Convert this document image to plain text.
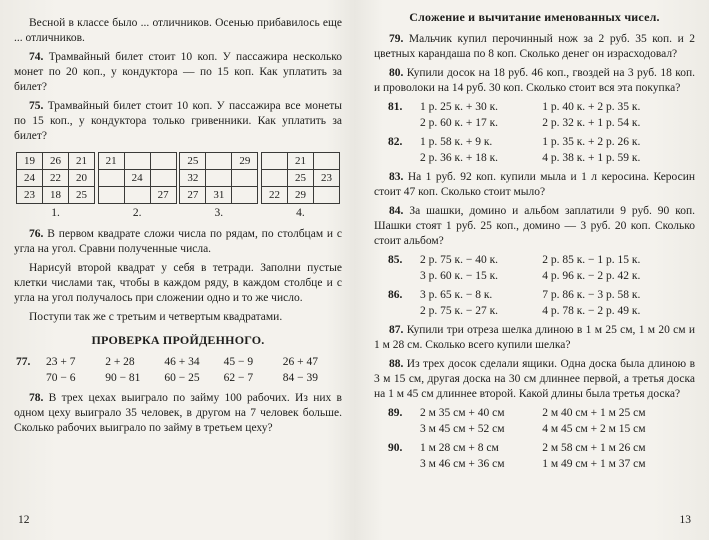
Весной в классе было ... отличников. Осенью прибавилось еще ... отличников.

74. Трамвайный билет стоит 10 коп. У пассажира несколько монет по 20 коп., у кондуктора — по 15 коп. Как уплатить за билет?

75. Трамвайный билет стоит 10 коп. У пассажира все монеты по 15 коп., у кондуктора только гривенники. Как уплатить за билет?

19	26	21
24	22	20
23	18	25
1.
21		
	24	
		27
2.
25		29
32		
27	31	
3.
	21	
	25	23
22	29	
4.

76. В первом квадрате сложи числа по рядам, по столбцам и с угла на угол. Сравни полученные числа.

Нарисуй второй квадрат у себя в тетради. Заполни пустые клетки числами так, чтобы в каждом ряду, в каждом столбце и с угла на угол получалось при сложении одно и то же число.

Поступи так же с третьим и четвертым квадратами.

ПРОВЕРКА ПРОЙДЕННОГО.
77.	23 + 7	2 + 28	46 + 34	45 − 9	26 + 47
70 − 6	90 − 81	60 − 25	62 − 7	84 − 39

78. В трех цехах выиграло по займу 100 рабочих. Из них в одном цеху выиграло 35 человек, в другом на 7 человек больше. Сколько рабочих выиграло по займу в третьем цеху?

Сложение и вычитание именованных чисел.

79. Мальчик купил перочинный нож за 2 руб. 35 коп. и 2 цветных карандаша по 8 коп. Сколько денег он израсходовал?

80. Купили досок на 18 руб. 46 коп., гвоздей на 3 руб. 18 коп. и проволоки на 14 руб. 30 коп. Сколько стоит вся эта покупка?

81.	1 р. 25 к. + 30 к.	1 р. 40 к. + 2 р. 35 к.
2 р. 60 к. + 17 к.	2 р. 32 к. + 1 р. 54 к.
82.	1 р. 58 к. + 9 к.	1 р. 35 к. + 2 р. 26 к.
2 р. 36 к. + 18 к.	4 р. 38 к. + 1 р. 59 к.

83. На 1 руб. 92 коп. купили мыла и 1 л керосина. Керосин стоит 47 коп. Сколько стоит мыло?

84. За шашки, домино и альбом заплатили 9 руб. 90 коп. Шашки стоят 1 руб. 25 коп., домино — 3 руб. 20 коп. Сколько стоит альбом?

85.	2 р. 75 к. − 40 к.	2 р. 85 к. − 1 р. 15 к.
3 р. 60 к. − 15 к.	4 р. 96 к. − 2 р. 42 к.
86.	3 р. 65 к. − 8 к.	7 р. 86 к. − 3 р. 58 к.
2 р. 75 к. − 27 к.	4 р. 78 к. − 2 р. 49 к.

87. Купили три отреза шелка длиною в 1 м 25 см, 1 м 20 см и 1 м 28 см. Сколько всего купили шелка?

88. Из трех досок сделали ящики. Одна доска была длиною в 3 м 15 см, другая доска на 30 см длиннее первой, а третья доска на 1 м 45 см длиннее второй. Какой длины была третья доска?

89.	2 м 35 см + 40 см	2 м 40 см + 1 м 25 см
3 м 45 см + 52 см	4 м 45 см + 2 м 15 см
90.	1 м 28 см + 8 см	2 м 58 см + 1 м 26 см
3 м 46 см + 36 см	1 м 49 см + 1 м 37 см
12	13
